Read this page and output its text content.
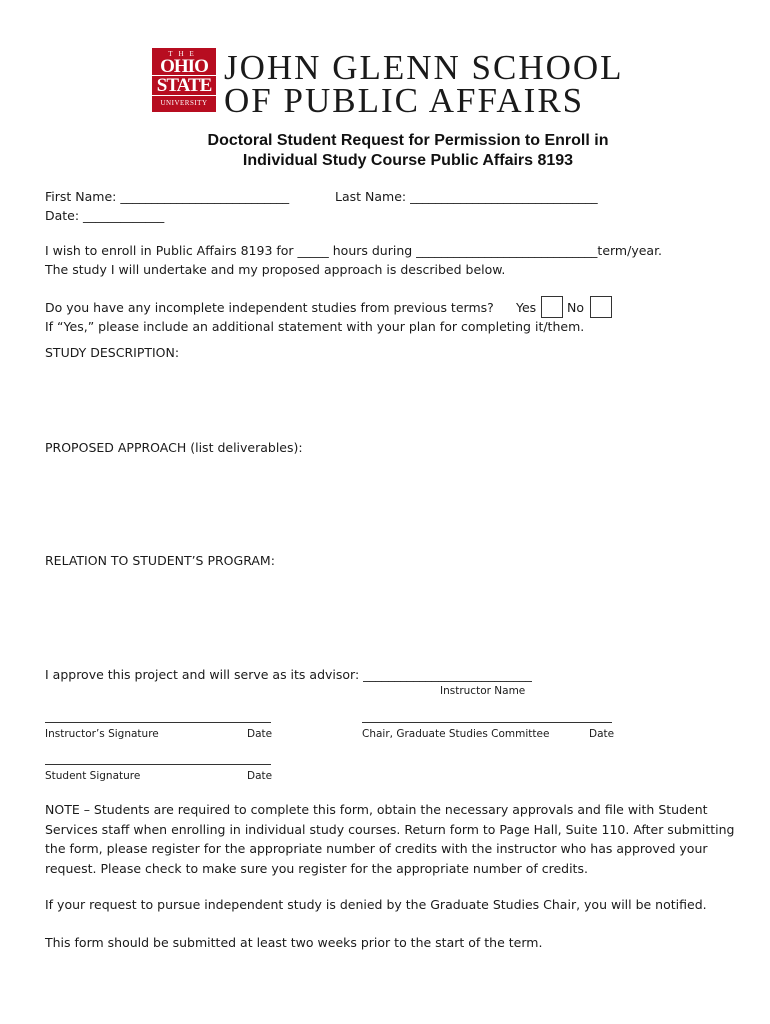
THE
OHIO
STATE
UNIVERSITY
JOHN GLENN SCHOOL
OF PUBLIC AFFAIRS
Doctoral Student Request for Permission to Enroll in
Individual Study Course Public Affairs 8193
First Name: ___________________________	Last Name: ______________________________
Date: _____________
I wish to enroll in Public Affairs 8193 for _____ hours during _____________________________term/year.
The study I will undertake and my proposed approach is described below.
Do you have any incomplete independent studies from previous terms? Yes No
If “Yes,” please include an additional statement with your plan for completing it/them.
STUDY DESCRIPTION:
PROPOSED APPROACH (list deliverables):
RELATION TO STUDENT’S PROGRAM:
I approve this project and will serve as its advisor: ___________________________
Instructor Name
Instructor’s Signature	Date	Chair, Graduate Studies Committee	Date
Student Signature	Date
NOTE – Students are required to complete this form, obtain the necessary approvals and file with Student Services staff when enrolling in individual study courses. Return form to Page Hall, Suite 110. After submitting the form, please register for the appropriate number of credits with the instructor who has approved your request. Please check to make sure you register for the appropriate number of credits.
If your request to pursue independent study is denied by the Graduate Studies Chair, you will be notified.
This form should be submitted at least two weeks prior to the start of the term.
